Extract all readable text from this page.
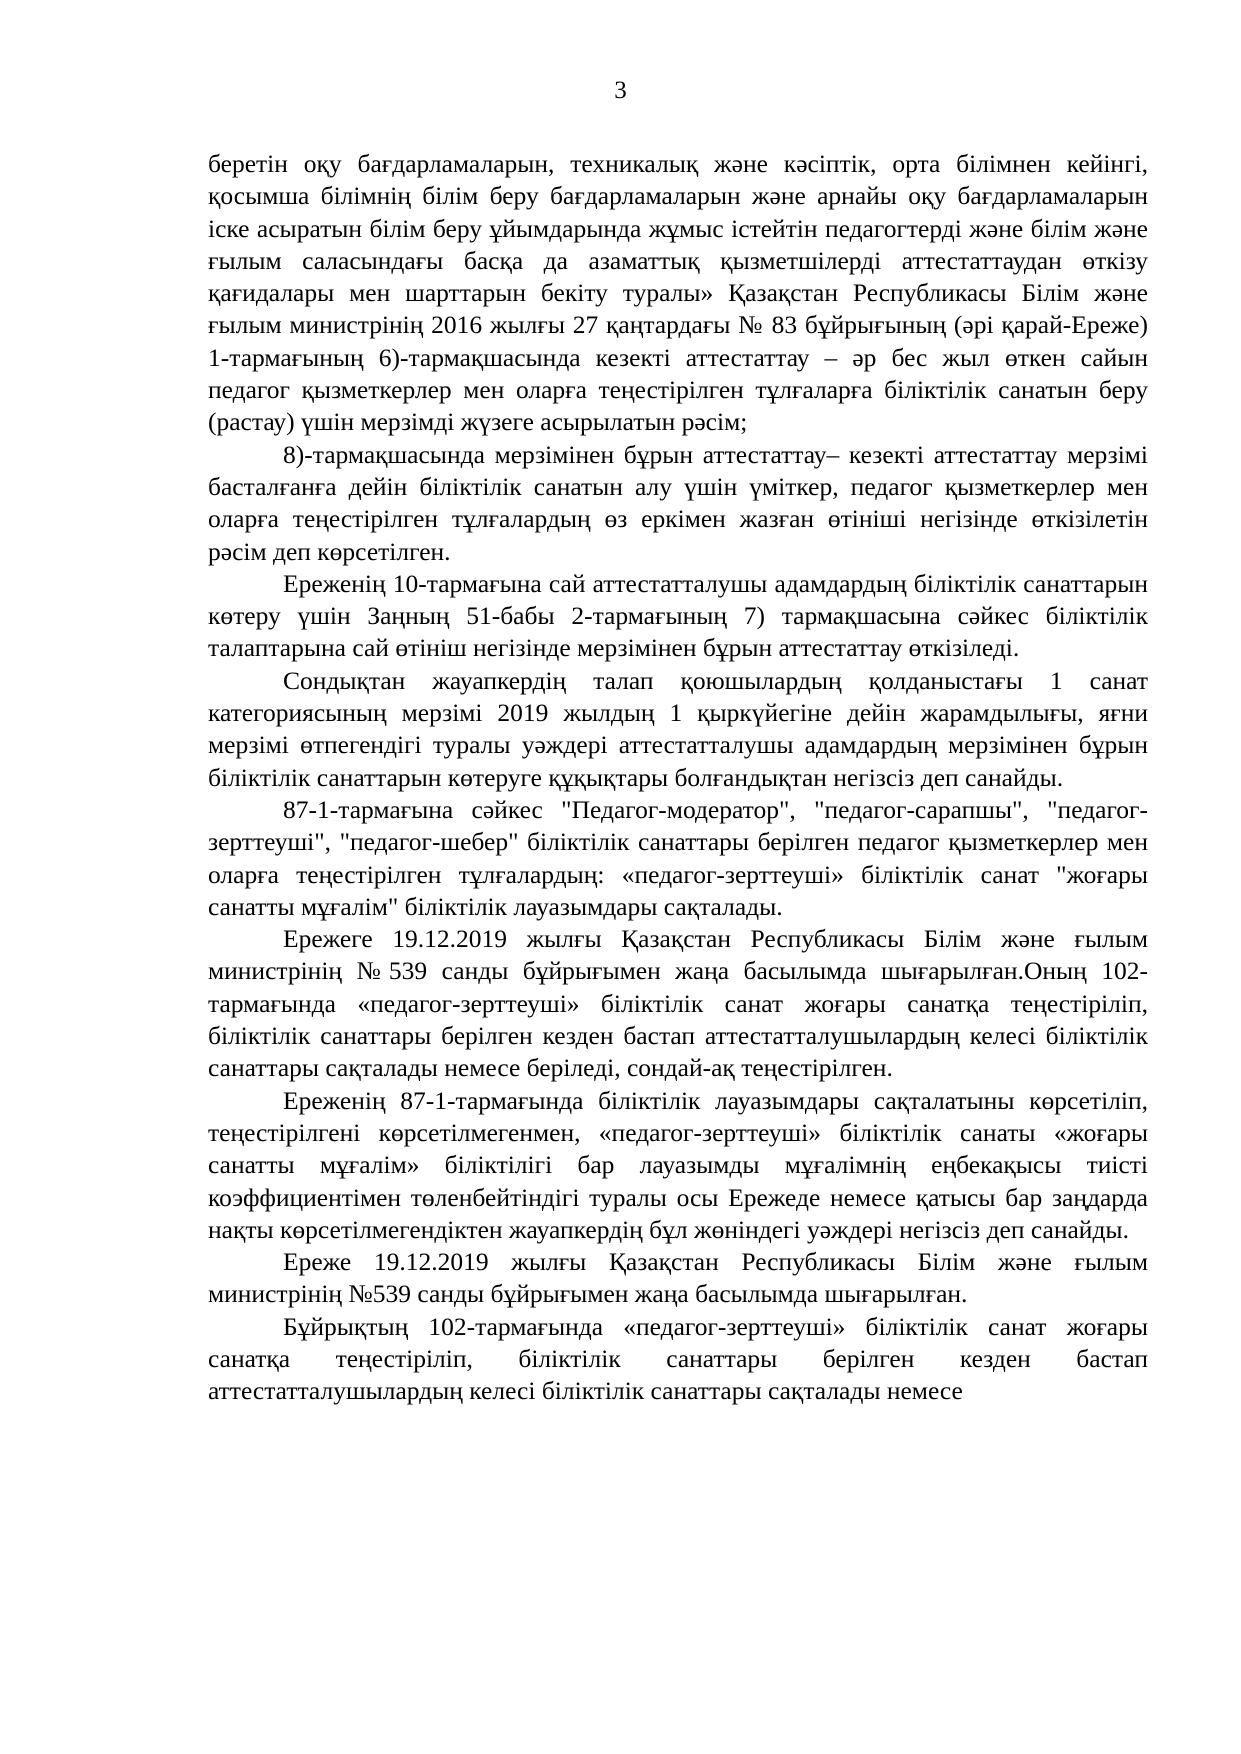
3

беретін оқу бағдарламаларын, техникалық және кәсіптік, орта білімнен кейінгі, қосымша білімнің білім беру бағдарламаларын және арнайы оқу бағдарламаларын іске асыратын білім беру ұйымдарында жұмыс істейтін педагогтерді және білім және ғылым саласындағы басқа да азаматтық қызметшілерді аттестаттаудан өткізу қағидалары мен шарттарын бекіту туралы» Қазақстан Республикасы Білім және ғылым министрінің 2016 жылғы 27 қаңтардағы № 83 бұйрығының (әрі қарай-Ереже) 1-тармағының 6)-тармақшасында кезекті аттестаттау – әр бес жыл өткен сайын педагог қызметкерлер мен оларға теңестірілген тұлғаларға біліктілік санатын беру (растау) үшін мерзімді жүзеге асырылатын рәсім;

8)-тармақшасында мерзімінен бұрын аттестаттау– кезекті аттестаттау мерзімі басталғанға дейін біліктілік санатын алу үшін үміткер, педагог қызметкерлер мен оларға теңестірілген тұлғалардың өз еркімен жазған өтініші негізінде өткізілетін рәсім деп көрсетілген.

Ереженің 10-тармағына сай аттестатталушы адамдардың біліктілік санаттарын көтеру үшін Заңның 51-бабы 2-тармағының 7) тармақшасына сәйкес біліктілік талаптарына сай өтініш негізінде мерзімінен бұрын аттестаттау өткізіледі.

Сондықтан жауапкердің талап қоюшылардың қолданыстағы 1 санат категориясының мерзімі 2019 жылдың 1 қыркүйегіне дейін жарамдылығы, яғни мерзімі өтпегендігі туралы уәждері аттестатталушы адамдардың мерзімінен бұрын біліктілік санаттарын көтеруге құқықтары болғандықтан негізсіз деп санайды.

87-1-тармағына сәйкес "Педагог-модератор", "педагог-сарапшы", "педагог-зерттеуші", "педагог-шебер" біліктілік санаттары берілген педагог қызметкерлер мен оларға теңестірілген тұлғалардың: «педагог-зерттеуші» біліктілік санат "жоғары санатты мұғалім" біліктілік лауазымдары сақталады.

Ережеге 19.12.2019 жылғы Қазақстан Республикасы Білім және ғылым министрінің №539 санды бұйрығымен жаңа басылымда шығарылған.Оның 102-тармағында «педагог-зерттеуші» біліктілік санат жоғары санатқа теңестіріліп, біліктілік санаттары берілген кезден бастап аттестатталушылардың келесі біліктілік санаттары сақталады немесе беріледі, сондай-ақ теңестірілген.

Ереженің 87-1-тармағында біліктілік лауазымдары сақталатыны көрсетіліп, теңестірілгені көрсетілмегенмен, «педагог-зерттеуші» біліктілік санаты «жоғары санатты мұғалім» біліктілігі бар лауазымды мұғалімнің еңбекақысы тиісті коэффициентімен төленбейтіндігі туралы осы Ережеде немесе қатысы бар заңдарда нақты көрсетілмегендіктен жауапкердің бұл жөніндегі уәждері негізсіз деп санайды.

Ереже 19.12.2019 жылғы Қазақстан Республикасы Білім және ғылым министрінің №539 санды бұйрығымен жаңа басылымда шығарылған.

Бұйрықтың 102-тармағында «педагог-зерттеуші» біліктілік санат жоғары санатқа теңестіріліп, біліктілік санаттары берілген кезден бастап аттестатталушылардың келесі біліктілік санаттары сақталады немесе
